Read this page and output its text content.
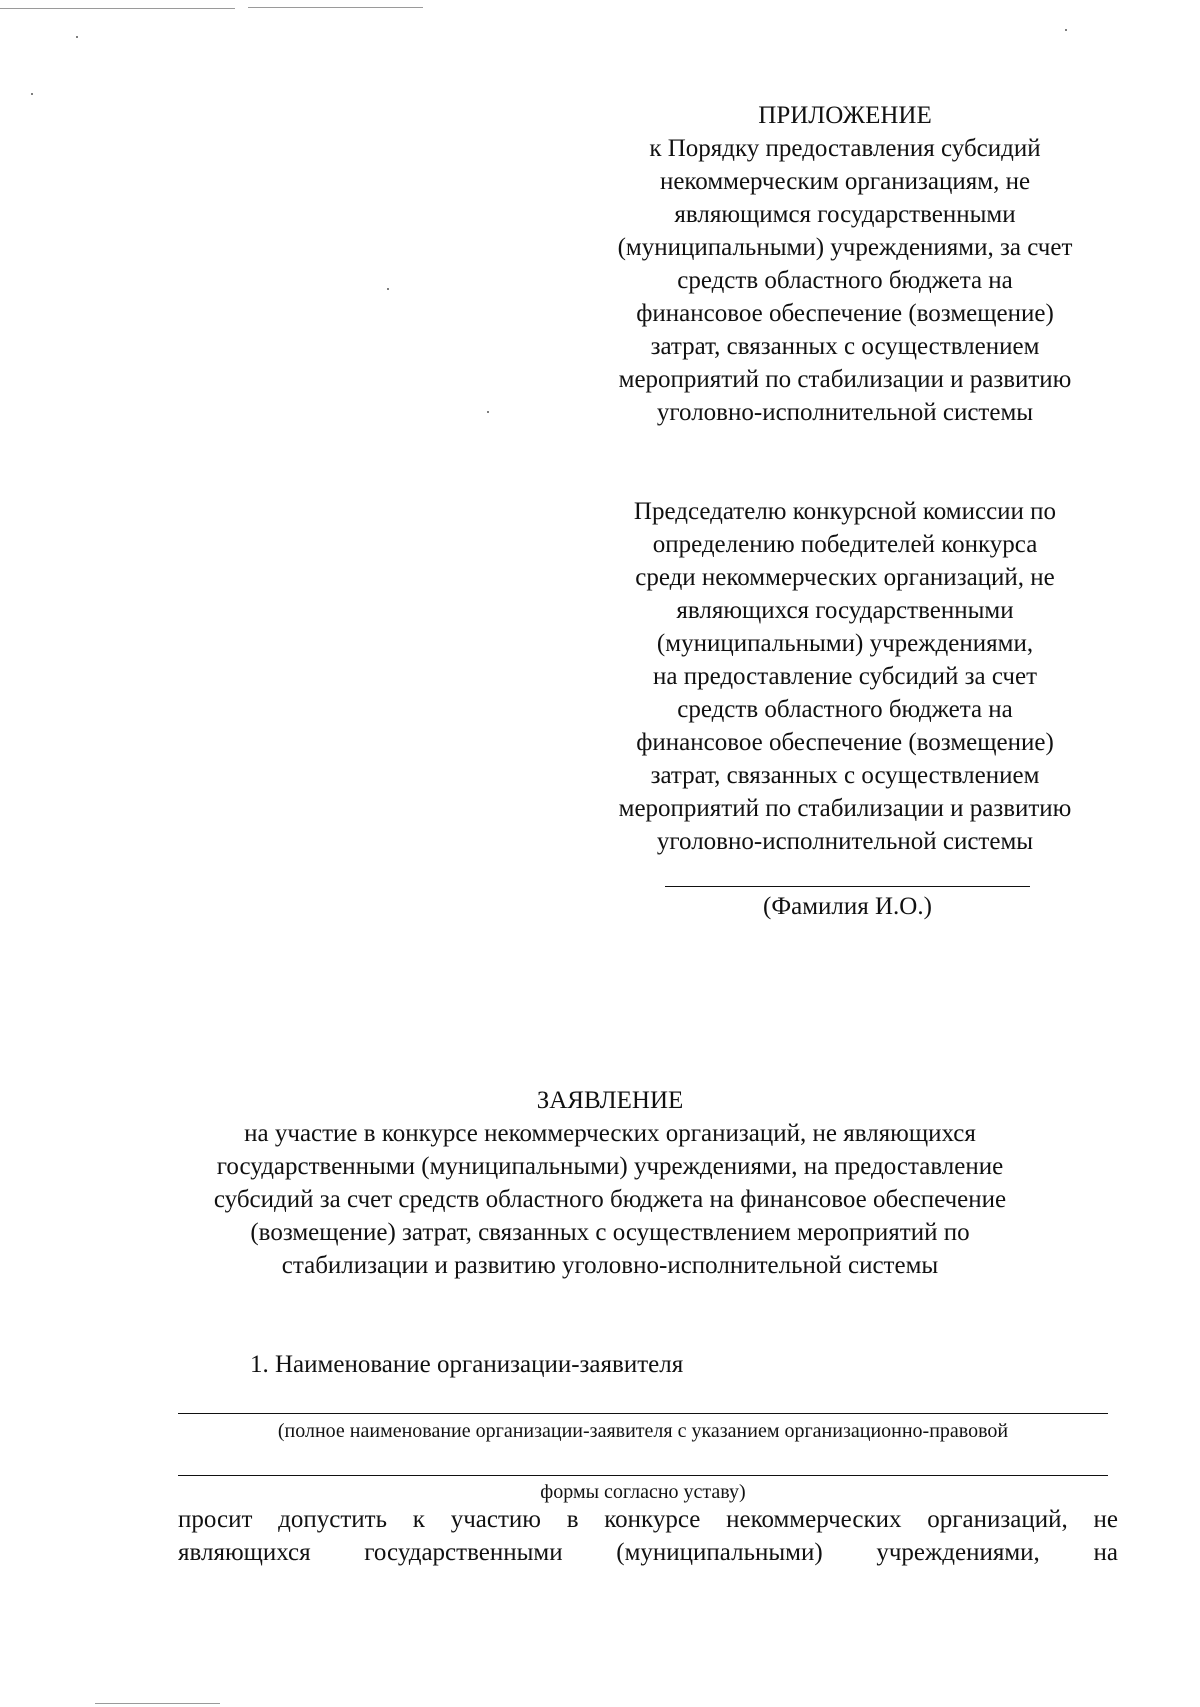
ПРИЛОЖЕНИЕ
к Порядку предоставления субсидий
некоммерческим организациям, не
являющимся государственными
(муниципальными) учреждениями, за счет
средств областного бюджета на
финансовое обеспечение (возмещение)
затрат, связанных с осуществлением
мероприятий по стабилизации и развитию
уголовно-исполнительной системы
Председателю конкурсной комиссии по
определению победителей конкурса
среди некоммерческих организаций, не
являющихся государственными
(муниципальными) учреждениями,
на предоставление субсидий за счет
средств областного бюджета на
финансовое обеспечение (возмещение)
затрат, связанных с осуществлением
мероприятий по стабилизации и развитию
уголовно-исполнительной системы
(Фамилия И.О.)
ЗАЯВЛЕНИЕ
на участие в конкурсе некоммерческих организаций, не являющихся
государственными (муниципальными) учреждениями, на предоставление
субсидий за счет средств областного бюджета на финансовое обеспечение
(возмещение) затрат, связанных с осуществлением мероприятий по
стабилизации и развитию уголовно-исполнительной системы
1. Наименование организации-заявителя
(полное наименование организации-заявителя с указанием организационно-правовой
формы согласно уставу)
просит допустить к участию в конкурсе некоммерческих организаций, не
являющихся государственными (муниципальными) учреждениями, на
